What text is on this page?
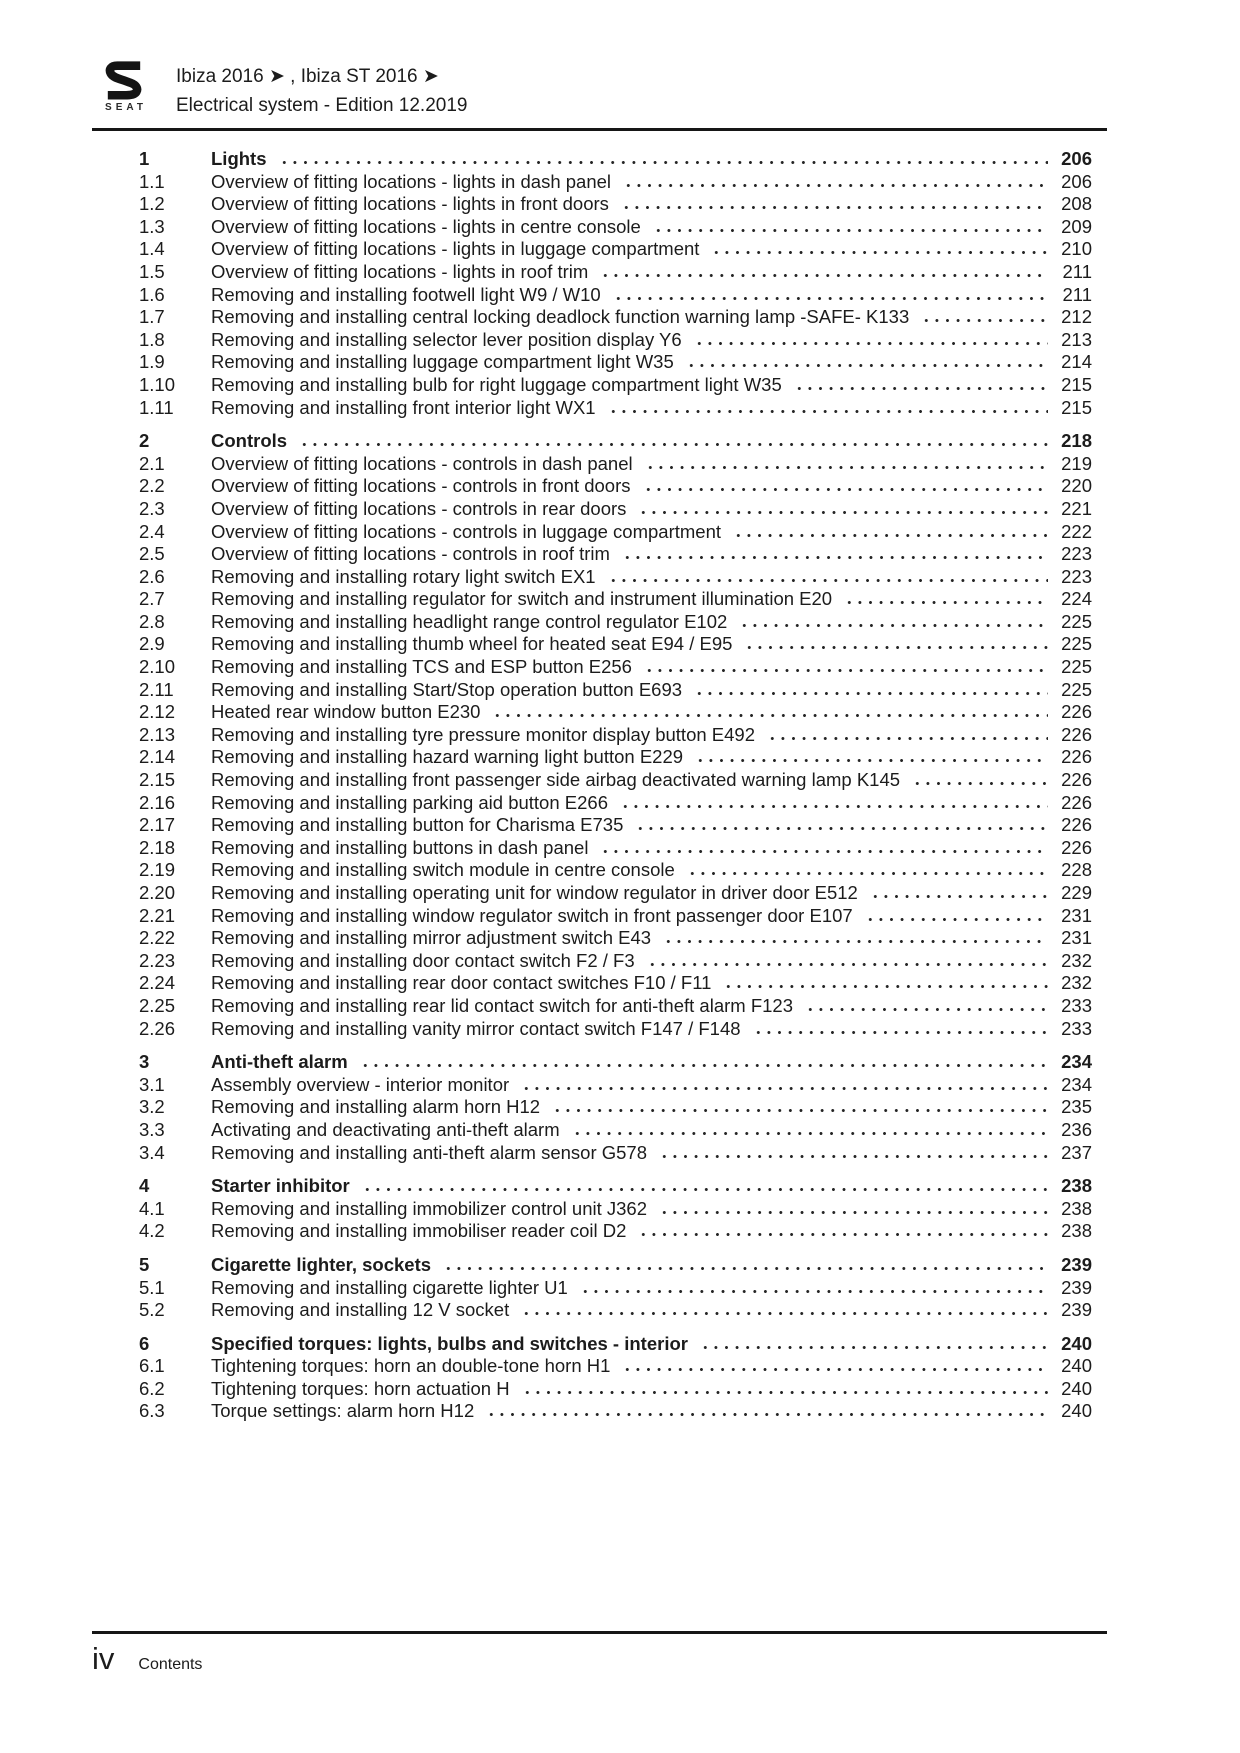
SEAT
Ibiza 2016 ➤ , Ibiza ST 2016 ➤
Electrical system - Edition 12.2019
1	Lights	206
1.1	Overview of fitting locations - lights in dash panel	206
1.2	Overview of fitting locations - lights in front doors	208
1.3	Overview of fitting locations - lights in centre console	209
1.4	Overview of fitting locations - lights in luggage compartment	210
1.5	Overview of fitting locations - lights in roof trim	211
1.6	Removing and installing footwell light W9 / W10	211
1.7	Removing and installing central locking deadlock function warning lamp -SAFE- K133	212
1.8	Removing and installing selector lever position display Y6	213
1.9	Removing and installing luggage compartment light W35	214
1.10	Removing and installing bulb for right luggage compartment light W35	215
1.11	Removing and installing front interior light WX1	215
2	Controls	218
2.1	Overview of fitting locations - controls in dash panel	219
2.2	Overview of fitting locations - controls in front doors	220
2.3	Overview of fitting locations - controls in rear doors	221
2.4	Overview of fitting locations - controls in luggage compartment	222
2.5	Overview of fitting locations - controls in roof trim	223
2.6	Removing and installing rotary light switch EX1	223
2.7	Removing and installing regulator for switch and instrument illumination E20	224
2.8	Removing and installing headlight range control regulator E102	225
2.9	Removing and installing thumb wheel for heated seat E94 / E95	225
2.10	Removing and installing TCS and ESP button E256	225
2.11	Removing and installing Start/Stop operation button E693	225
2.12	Heated rear window button E230	226
2.13	Removing and installing tyre pressure monitor display button E492	226
2.14	Removing and installing hazard warning light button E229	226
2.15	Removing and installing front passenger side airbag deactivated warning lamp K145	226
2.16	Removing and installing parking aid button E266	226
2.17	Removing and installing button for Charisma E735	226
2.18	Removing and installing buttons in dash panel	226
2.19	Removing and installing switch module in centre console	228
2.20	Removing and installing operating unit for window regulator in driver door E512	229
2.21	Removing and installing window regulator switch in front passenger door E107	231
2.22	Removing and installing mirror adjustment switch E43	231
2.23	Removing and installing door contact switch F2 / F3	232
2.24	Removing and installing rear door contact switches F10 / F11	232
2.25	Removing and installing rear lid contact switch for anti-theft alarm F123	233
2.26	Removing and installing vanity mirror contact switch F147 / F148	233
3	Anti-theft alarm	234
3.1	Assembly overview - interior monitor	234
3.2	Removing and installing alarm horn H12	235
3.3	Activating and deactivating anti-theft alarm	236
3.4	Removing and installing anti-theft alarm sensor G578	237
4	Starter inhibitor	238
4.1	Removing and installing immobilizer control unit J362	238
4.2	Removing and installing immobiliser reader coil D2	238
5	Cigarette lighter, sockets	239
5.1	Removing and installing cigarette lighter U1	239
5.2	Removing and installing 12 V socket	239
6	Specified torques: lights, bulbs and switches - interior	240
6.1	Tightening torques: horn an double-tone horn H1	240
6.2	Tightening torques: horn actuation H	240
6.3	Torque settings: alarm horn H12	240
iv Contents
